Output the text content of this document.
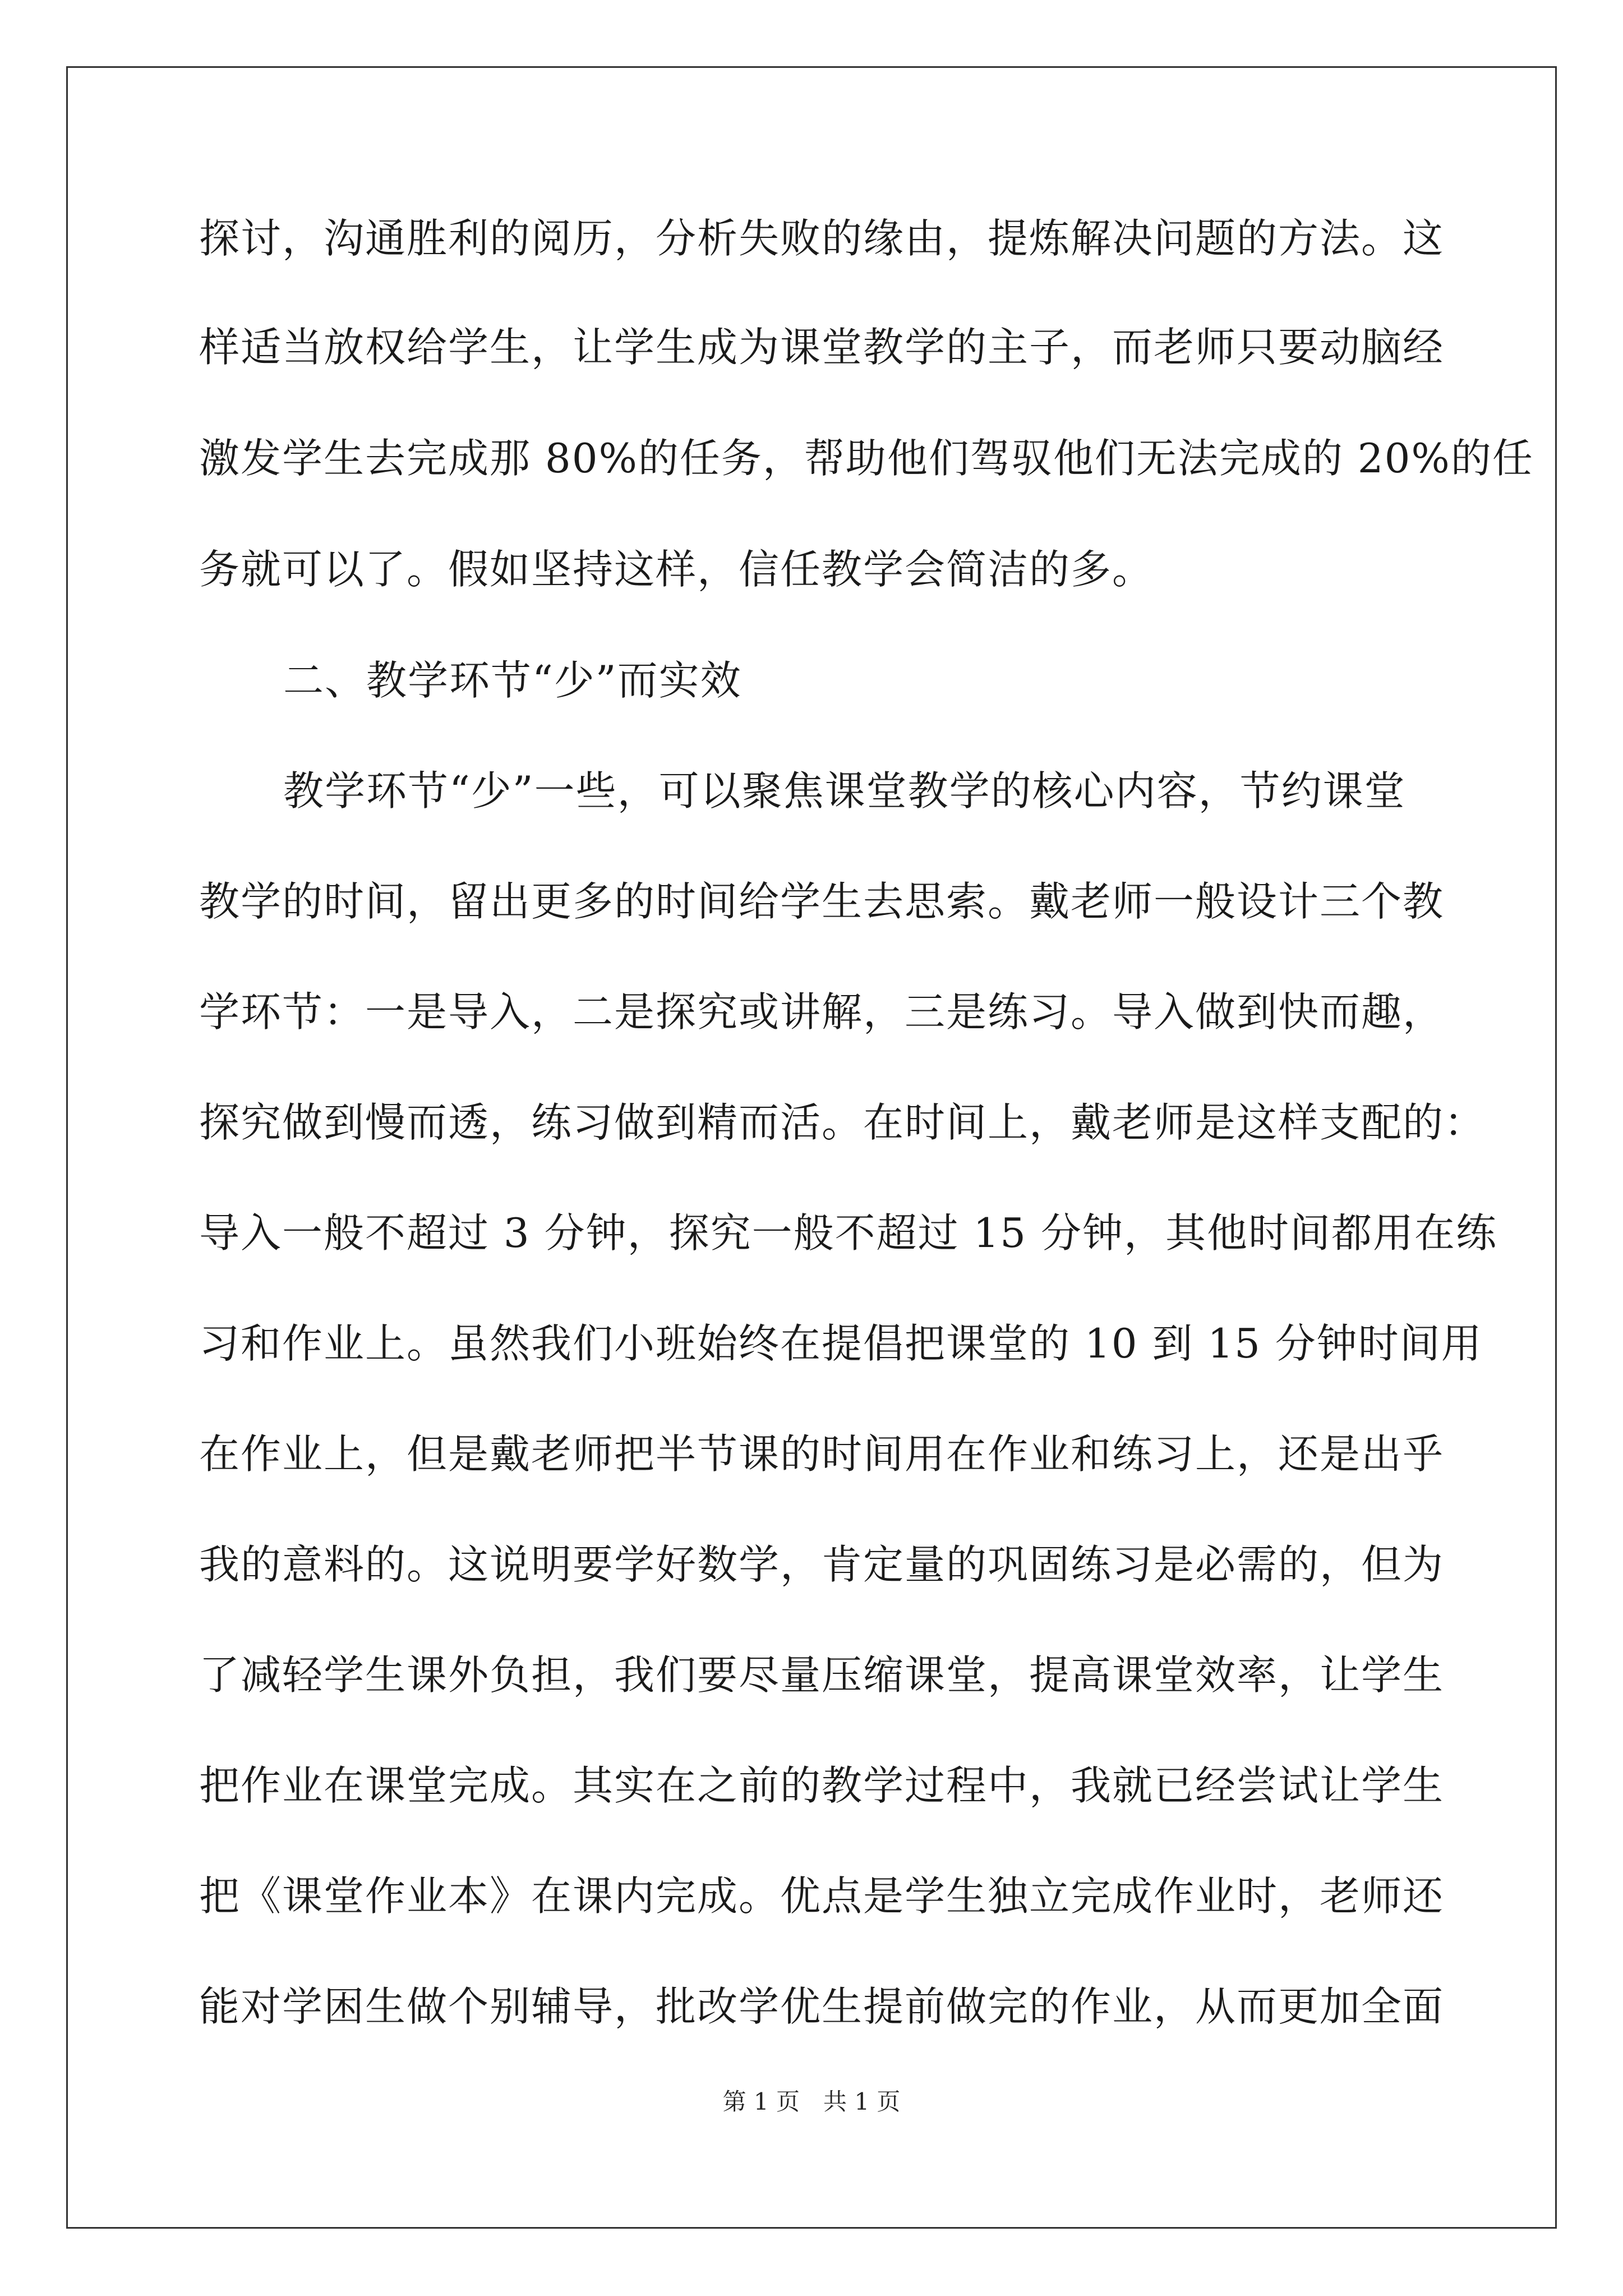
探讨，沟通胜利的阅历，分析失败的缘由，提炼解决问题的方法。这
样适当放权给学生，让学生成为课堂教学的主子，而老师只要动脑经
激发学生去完成那 80%的任务，帮助他们驾驭他们无法完成的 20%的任
务就可以了。假如坚持这样，信任教学会简洁的多。
二、教学环节“少”而实效
教学环节“少”一些，可以聚焦课堂教学的核心内容，节约课堂
教学的时间，留出更多的时间给学生去思索。戴老师一般设计三个教
学环节：一是导入，二是探究或讲解，三是练习。导入做到快而趣，
探究做到慢而透，练习做到精而活。在时间上，戴老师是这样支配的：
导入一般不超过 3 分钟，探究一般不超过 15 分钟，其他时间都用在练
习和作业上。虽然我们小班始终在提倡把课堂的 10 到 15 分钟时间用
在作业上，但是戴老师把半节课的时间用在作业和练习上，还是出乎
我的意料的。这说明要学好数学，肯定量的巩固练习是必需的，但为
了减轻学生课外负担，我们要尽量压缩课堂，提高课堂效率，让学生
把作业在课堂完成。其实在之前的教学过程中，我就已经尝试让学生
把《课堂作业本》在课内完成。优点是学生独立完成作业时，老师还
能对学困生做个别辅导，批改学优生提前做完的作业，从而更加全面
第 1 页　共 1 页
